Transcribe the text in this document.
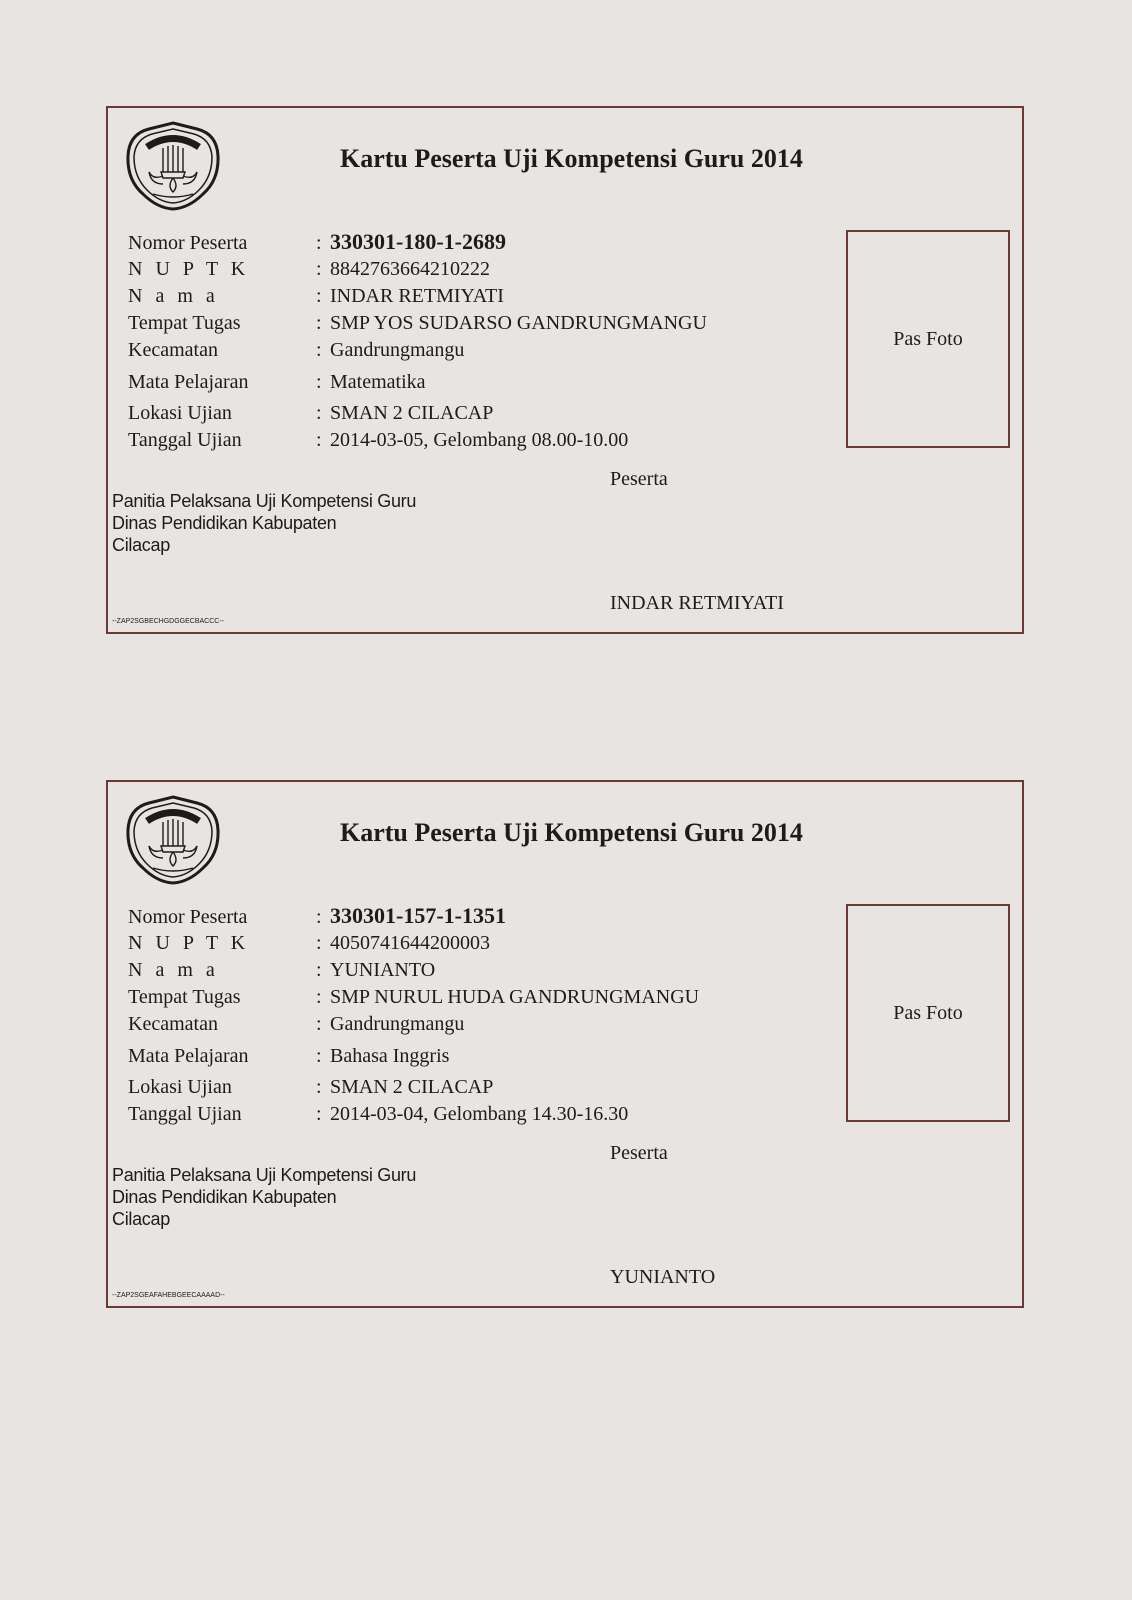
Kartu Peserta Uji Kompetensi Guru 2014
Nomor Peserta	: 330301-180-1-2689
N U P T K	: 8842763664210222
N a m a	: INDAR RETMIYATI
Tempat Tugas	: SMP YOS SUDARSO GANDRUNGMANGU
Kecamatan	: Gandrungmangu
Mata Pelajaran	: Matematika
Lokasi Ujian	: SMAN 2 CILACAP
Tanggal Ujian	: 2014-03-05, Gelombang 08.00-10.00
Pas Foto
Peserta
Panitia Pelaksana Uji Kompetensi Guru
Dinas Pendidikan Kabupaten
Cilacap
INDAR RETMIYATI
--ZAP2SGBECHGDGGECBACCC--
Kartu Peserta Uji Kompetensi Guru 2014
Nomor Peserta	: 330301-157-1-1351
N U P T K	: 4050741644200003
N a m a	: YUNIANTO
Tempat Tugas	: SMP NURUL HUDA GANDRUNGMANGU
Kecamatan	: Gandrungmangu
Mata Pelajaran	: Bahasa Inggris
Lokasi Ujian	: SMAN 2 CILACAP
Tanggal Ujian	: 2014-03-04, Gelombang 14.30-16.30
Pas Foto
Peserta
Panitia Pelaksana Uji Kompetensi Guru
Dinas Pendidikan Kabupaten
Cilacap
YUNIANTO
--ZAP2SGEAFAHEBGEECAAAAD--
